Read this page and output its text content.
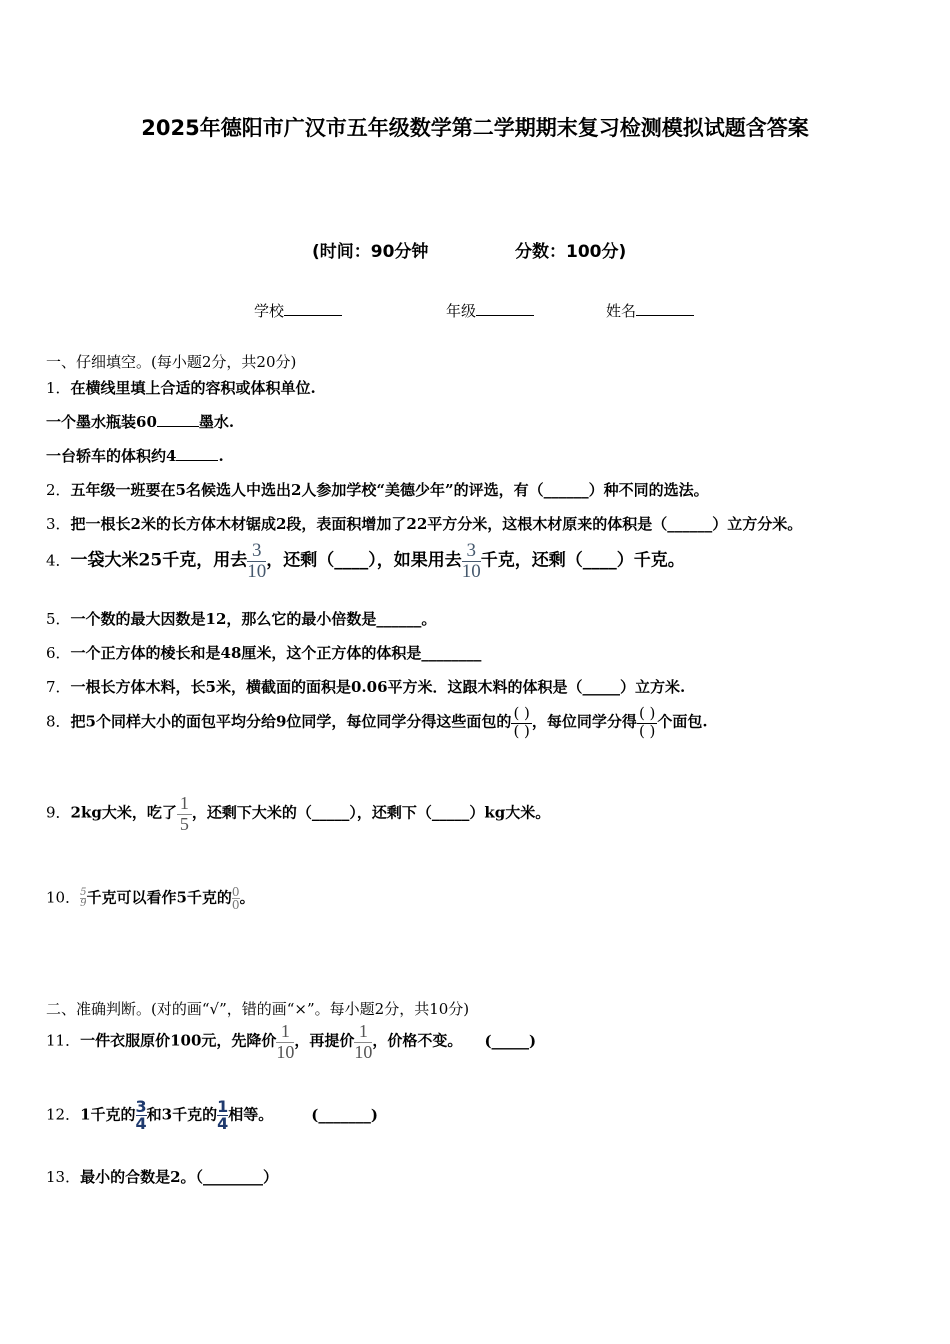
2025年德阳市广汉市五年级数学第二学期期末复习检测模拟试题含答案
(时间：90分钟	分数：100分)
学校	年级	姓名
一、仔细填空。(每小题2分，共20分)
1．在横线里填上合适的容积或体积单位.
一个墨水瓶装60	墨水.
一台轿车的体积约4	.
2．五年级一班要在5名候选人中选出2人参加学校“美德少年”的评选，有（______）种不同的选法。
3．把一根长2米的长方体木材锯成2段，表面积增加了22平方分米，这根木材原来的体积是（______）立方分米。
4．一袋大米25千克，用去 $\frac{3}{10}$ ，还剩（____），如果用去 $\frac{3}{10}$ 千克，还剩（____）千克。
5．一个数的最大因数是12，那么它的最小倍数是______。
6．一个正方体的棱长和是48厘米，这个正方体的体积是________
7．一根长方体木料，长5米，横截面的面积是0.06平方米．这跟木料的体积是（_____）立方米.
8．把5个同样大小的面包平均分给9位同学，每位同学分得这些面包的 $\frac{( )}{( )}$ ，每位同学分得 $\frac{( )}{( )}$ 个面包.
9．2kg大米，吃了 $\frac{1}{5}$ ，还剩下大米的（_____），还剩下（_____）kg大米。
10． $\frac{5}{9}$ 千克可以看作5千克的 $\frac{0}{0}$ 。
二、准确判断。(对的画“√”，错的画“×”。每小题2分，共10分)
11．一件衣服原价100元，先降价 $\frac{1}{10}$ ，再提价 $\frac{1}{10}$ ，价格不变。 (_____)
12．1千克的 $\frac{3}{4}$ 和3千克的 $\frac{1}{4}$ 相等。	(_______)
13．最小的合数是2。（________）
